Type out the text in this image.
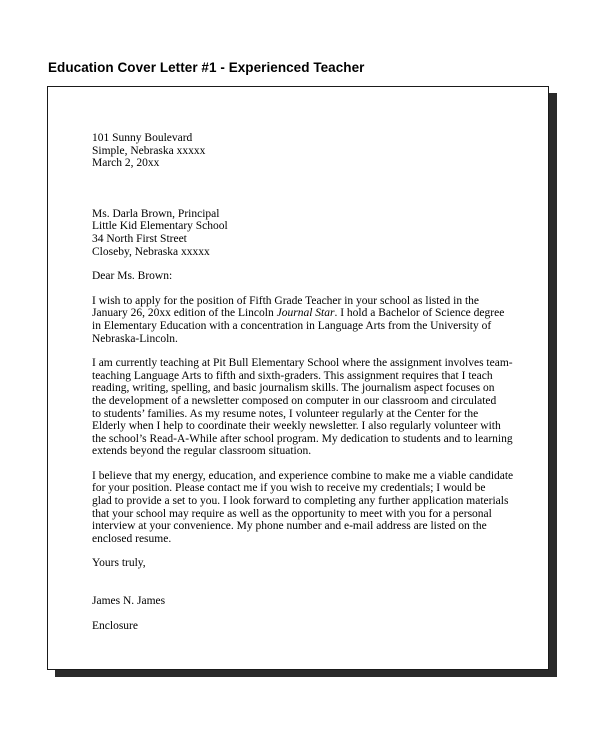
Education Cover Letter #1 - Experienced Teacher
101 Sunny Boulevard
Simple, Nebraska xxxxx
March 2, 20xx
Ms. Darla Brown, Principal
Little Kid Elementary School
34 North First Street
Closeby, Nebraska xxxxx
Dear Ms. Brown:
I wish to apply for the position of Fifth Grade Teacher in your school as listed in the
January 26, 20xx edition of the Lincoln Journal Star. I hold a Bachelor of Science degree
in Elementary Education with a concentration in Language Arts from the University of
Nebraska-Lincoln.
I am currently teaching at Pit Bull Elementary School where the assignment involves team-
teaching Language Arts to fifth and sixth-graders. This assignment requires that I teach
reading, writing, spelling, and basic journalism skills. The journalism aspect focuses on
the development of a newsletter composed on computer in our classroom and circulated
to students’ families. As my resume notes, I volunteer regularly at the Center for the
Elderly when I help to coordinate their weekly newsletter. I also regularly volunteer with
the school’s Read-A-While after school program. My dedication to students and to learning
extends beyond the regular classroom situation.
I believe that my energy, education, and experience combine to make me a viable candidate
for your position. Please contact me if you wish to receive my credentials; I would be
glad to provide a set to you. I look forward to completing any further application materials
that your school may require as well as the opportunity to meet with you for a personal
interview at your convenience. My phone number and e-mail address are listed on the
enclosed resume.
Yours truly,
James N. James
Enclosure
